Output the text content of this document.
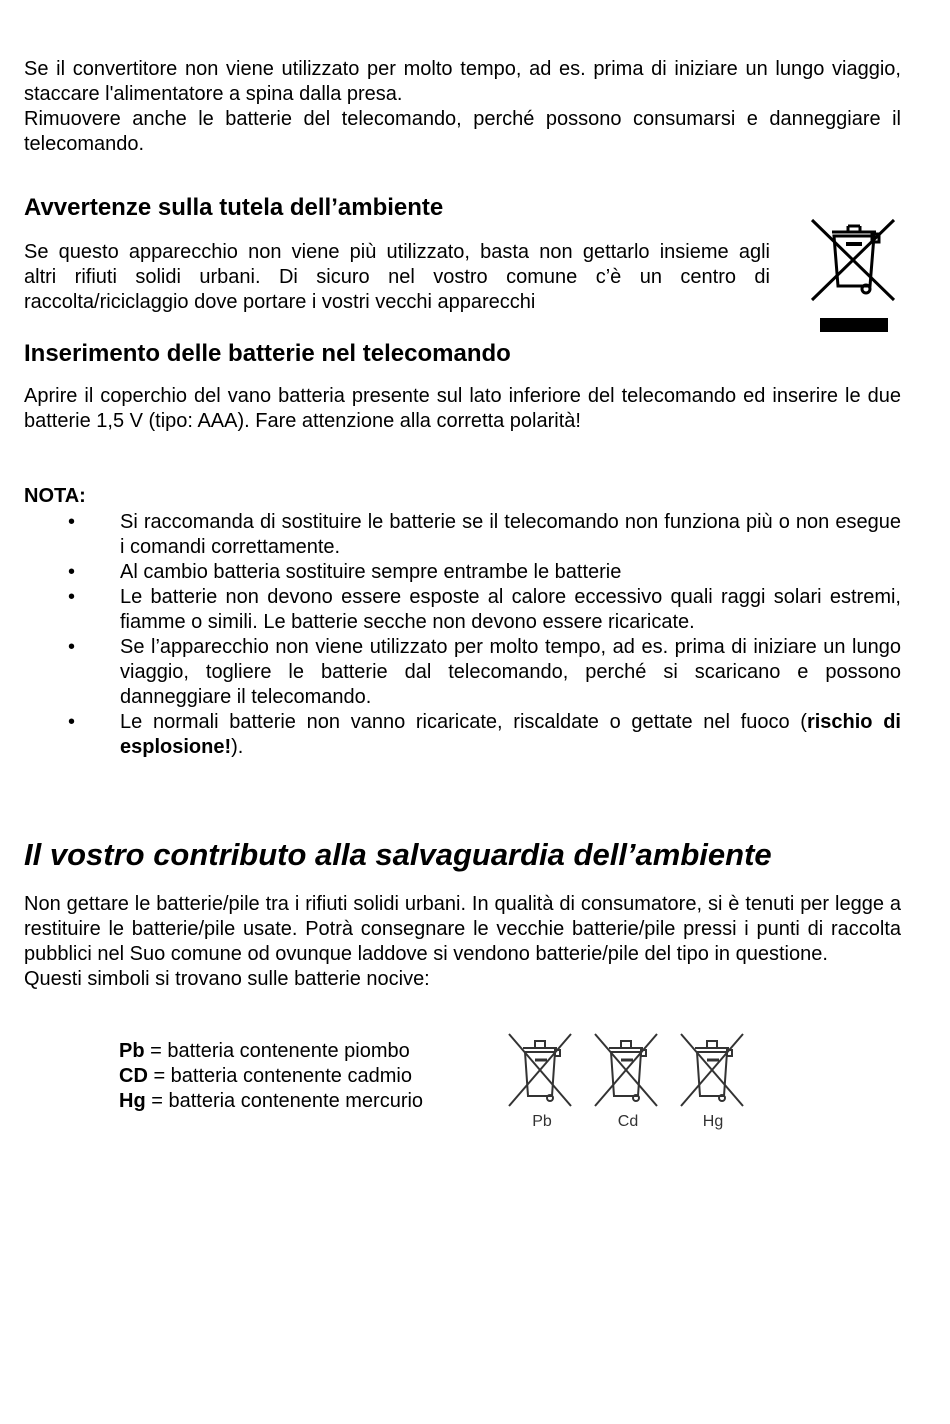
Se il convertitore non viene utilizzato per molto tempo, ad es. prima di iniziare un lungo viaggio, staccare l'alimentatore a spina dalla presa.

Rimuovere anche le batterie del telecomando, perché possono consumarsi e danneggiare il telecomando.

Avvertenze sulla tutela dell’ambiente

Se questo apparecchio non viene più utilizzato, basta non gettarlo insieme agli

altri rifiuti solidi urbani. Di sicuro nel vostro comune c’è un centro di

raccolta/riciclaggio dove portare i vostri vecchi apparecchi

Inserimento delle batterie nel telecomando

Aprire il coperchio del vano batteria presente sul lato inferiore del telecomando ed inserire le due batterie 1,5 V (tipo: AAA). Fare attenzione alla corretta polarità!

NOTA:
• Si raccomanda di sostituire le batterie se il telecomando non funziona più o non esegue i comandi correttamente.
• Al cambio batteria sostituire sempre entrambe le batterie
• Le batterie non devono essere esposte al calore eccessivo quali raggi solari estremi, fiamme o simili. Le batterie secche non devono essere ricaricate.
• Se l’apparecchio non viene utilizzato per molto tempo, ad es. prima di iniziare un lungo viaggio, togliere le batterie dal telecomando, perché si scaricano e possono danneggiare il telecomando.
• Le normali batterie non vanno ricaricate, riscaldate o gettate nel fuoco (rischio di esplosione!).
Il vostro contributo alla salvaguardia dell’ambiente

Non gettare le batterie/pile tra i rifiuti solidi urbani. In qualità di consumatore, si è tenuti per legge a restituire le batterie/pile usate. Potrà consegnare le vecchie batterie/pile pressi i punti di raccolta pubblici nel Suo comune od ovunque laddove si vendono batterie/pile del tipo in questione.

Questi simboli si trovano sulle batterie nocive:

Pb = batteria contenente piombo
CD = batteria contenente cadmio
Hg = batteria contenente mercurio
Pb	Cd	Hg
